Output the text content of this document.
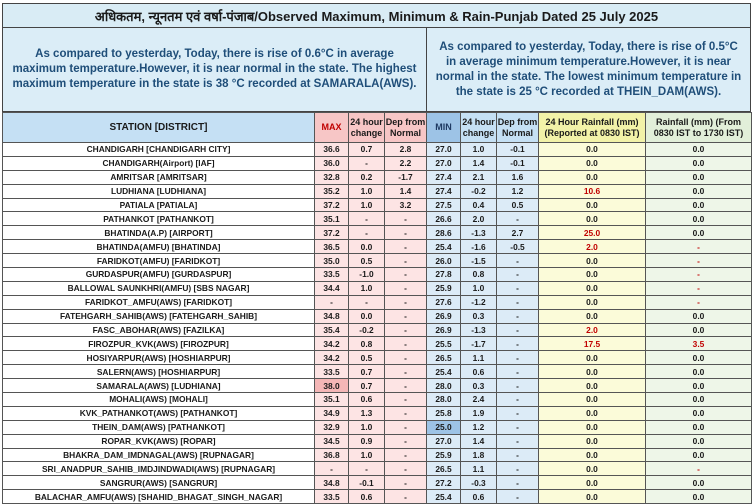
अधिकतम, न्यूनतम एवं वर्षा-पंजाब/Observed Maximum, Minimum & Rain-Punjab Dated 25 July 2025
As compared to yesterday, Today, there is rise of 0.6°C in average maximum temperature.However, it is near normal in the state. The highest maximum temperature in the state is 38 °C recorded at SAMARALA(AWS).
As compared to yesterday, Today, there is rise of 0.5°C in average minimum temperature.However, it is near normal in the state. The lowest minimum temperature in the state is 25 °C recorded at THEIN_DAM(AWS).
STATION [DISTRICT]	MAX	24 hour change	Dep from Normal	MIN	24 hour change	Dep from Normal	24 Hour Rainfall (mm) (Reported at 0830 IST)	Rainfall (mm) (From 0830 IST to 1730 IST)
CHANDIGARH [CHANDIGARH CITY]	36.6	0.7	2.8	27.0	1.0	-0.1	0.0	0.0
CHANDIGARH(Airport) [IAF]	36.0	-	2.2	27.0	1.4	-0.1	0.0	0.0
AMRITSAR [AMRITSAR]	32.8	0.2	-1.7	27.4	2.1	1.6	0.0	0.0
LUDHIANA [LUDHIANA]	35.2	1.0	1.4	27.4	-0.2	1.2	10.6	0.0
PATIALA [PATIALA]	37.2	1.0	3.2	27.5	0.4	0.5	0.0	0.0
PATHANKOT [PATHANKOT]	35.1	-	-	26.6	2.0	-	0.0	0.0
BHATINDA(A.P) [AIRPORT]	37.2	-	-	28.6	-1.3	2.7	25.0	0.0
BHATINDA(AMFU) [BHATINDA]	36.5	0.0	-	25.4	-1.6	-0.5	2.0	-
FARIDKOT(AMFU) [FARIDKOT]	35.0	0.5	-	26.0	-1.5	-	0.0	-
GURDASPUR(AMFU) [GURDASPUR]	33.5	-1.0	-	27.8	0.8	-	0.0	-
BALLOWAL SAUNKHRI(AMFU) [SBS NAGAR]	34.4	1.0	-	25.9	1.0	-	0.0	-
FARIDKOT_AMFU(AWS) [FARIDKOT]	-	-	-	27.6	-1.2	-	0.0	-
FATEHGARH_SAHIB(AWS) [FATEHGARH_SAHIB]	34.8	0.0	-	26.9	0.3	-	0.0	0.0
FASC_ABOHAR(AWS) [FAZILKA]	35.4	-0.2	-	26.9	-1.3	-	2.0	0.0
FIROZPUR_KVK(AWS) [FIROZPUR]	34.2	0.8	-	25.5	-1.7	-	17.5	3.5
HOSIYARPUR(AWS) [HOSHIARPUR]	34.2	0.5	-	26.5	1.1	-	0.0	0.0
SALERN(AWS) [HOSHIARPUR]	33.5	0.7	-	25.4	0.6	-	0.0	0.0
SAMARALA(AWS) [LUDHIANA]	38.0	0.7	-	28.0	0.3	-	0.0	0.0
MOHALI(AWS) [MOHALI]	35.1	0.6	-	28.0	2.4	-	0.0	0.0
KVK_PATHANKOT(AWS) [PATHANKOT]	34.9	1.3	-	25.8	1.9	-	0.0	0.0
THEIN_DAM(AWS) [PATHANKOT]	32.9	1.0	-	25.0	1.2	-	0.0	0.0
ROPAR_KVK(AWS) [ROPAR]	34.5	0.9	-	27.0	1.4	-	0.0	0.0
BHAKRA_DAM_IMDNAGAL(AWS) [RUPNAGAR]	36.8	1.0	-	25.9	1.8	-	0.0	0.0
SRI_ANADPUR_SAHIB_IMDJINDWADI(AWS) [RUPNAGAR]	-	-	-	26.5	1.1	-	0.0	-
SANGRUR(AWS) [SANGRUR]	34.8	-0.1	-	27.2	-0.3	-	0.0	0.0
BALACHAR_AMFU(AWS) [SHAHID_BHAGAT_SINGH_NAGAR]	33.5	0.6	-	25.4	0.6	-	0.0	0.0
